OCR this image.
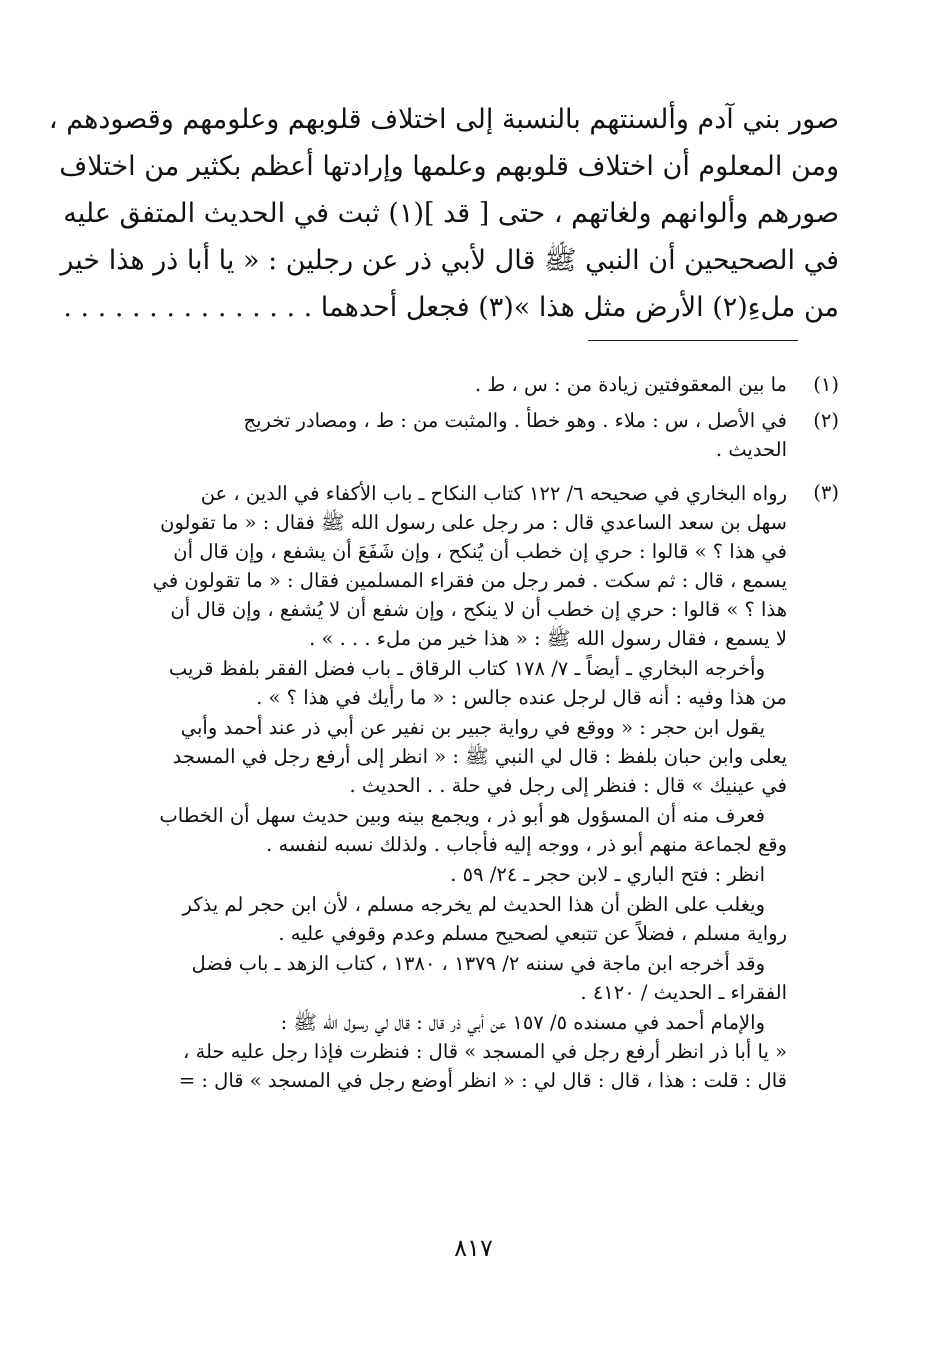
صور بني آدم وألسنتهم بالنسبة إلى اختلاف قلوبهم وعلومهم وقصودهم ،
ومن المعلوم أن اختلاف قلوبهم وعلمها وإرادتها أعظم بكثير من اختلاف
صورهم وألوانهم ولغاتهم ، حتى [ قد ](١) ثبت في الحديث المتفق عليه
في الصحيحين أن النبي ﷺ قال لأبي ذر عن رجلين : « يا أبا ذر هذا خير
من ملءِ(٢) الأرض مثل هذا »(٣) فجعل أحدهما . . . . . . . . . . . . . . .
(١)
ما بين المعقوفتين زيادة من : س ، ط .
(٢)
في الأصل ، س : ملاء . وهو خطأ . والمثبت من : ط ، ومصادر تخريج
الحديث .
(٣)
رواه البخاري في صحيحه ٦/ ١٢٢ كتاب النكاح ـ باب الأكفاء في الدين ، عن
سهل بن سعد الساعدي قال : مر رجل على رسول الله ﷺ فقال : « ما تقولون
في هذا ؟ » قالوا : حري إن خطب أن يُنكح ، وإن شَفَعَ أن يشفع ، وإن قال أن
يسمع ، قال : ثم سكت . فمر رجل من فقراء المسلمين فقال : « ما تقولون في
هذا ؟ » قالوا : حري إن خطب أن لا ينكح ، وإن شفع أن لا يُشفع ، وإن قال أن
لا يسمع ، فقال رسول الله ﷺ : « هذا خير من ملء . . . » .
وأخرجه البخاري ـ أيضاً ـ ٧/ ١٧٨ كتاب الرقاق ـ باب فضل الفقر بلفظ قريب
من هذا وفيه : أنه قال لرجل عنده جالس : « ما رأيك في هذا ؟ » .
يقول ابن حجر : « ووقع في رواية جبير بن نفير عن أبي ذر عند أحمد وأبي
يعلى وابن حبان بلفظ : قال لي النبي ﷺ : « انظر إلى أرفع رجل في المسجد
في عينيك » قال : فنظر إلى رجل في حلة . . الحديث .
فعرف منه أن المسؤول هو أبو ذر ، ويجمع بينه وبين حديث سهل أن الخطاب
وقع لجماعة منهم أبو ذر ، ووجه إليه فأجاب . ولذلك نسبه لنفسه .
انظر : فتح الباري ـ لابن حجر ـ ٢٤/ ٥٩ .
ويغلب على الظن أن هذا الحديث لم يخرجه مسلم ، لأن ابن حجر لم يذكر
رواية مسلم ، فضلاً عن تتبعي لصحيح مسلم وعدم وقوفي عليه .
وقد أخرجه ابن ماجة في سننه ٢/ ١٣٧٩ ، ١٣٨٠ ، كتاب الزهد ـ باب فضل
الفقراء ـ الحديث / ٤١٢٠ .
والإمام أحمد في مسنده ٥/ ١٥٧ عن أبي ذر قال : قال لي رسول الله ﷺ :
« يا أبا ذر انظر أرفع رجل في المسجد » قال : فنظرت فإذا رجل عليه حلة ،
قال : قلت : هذا ، قال : قال لي : « انظر أوضع رجل في المسجد » قال : =
٨١٧
